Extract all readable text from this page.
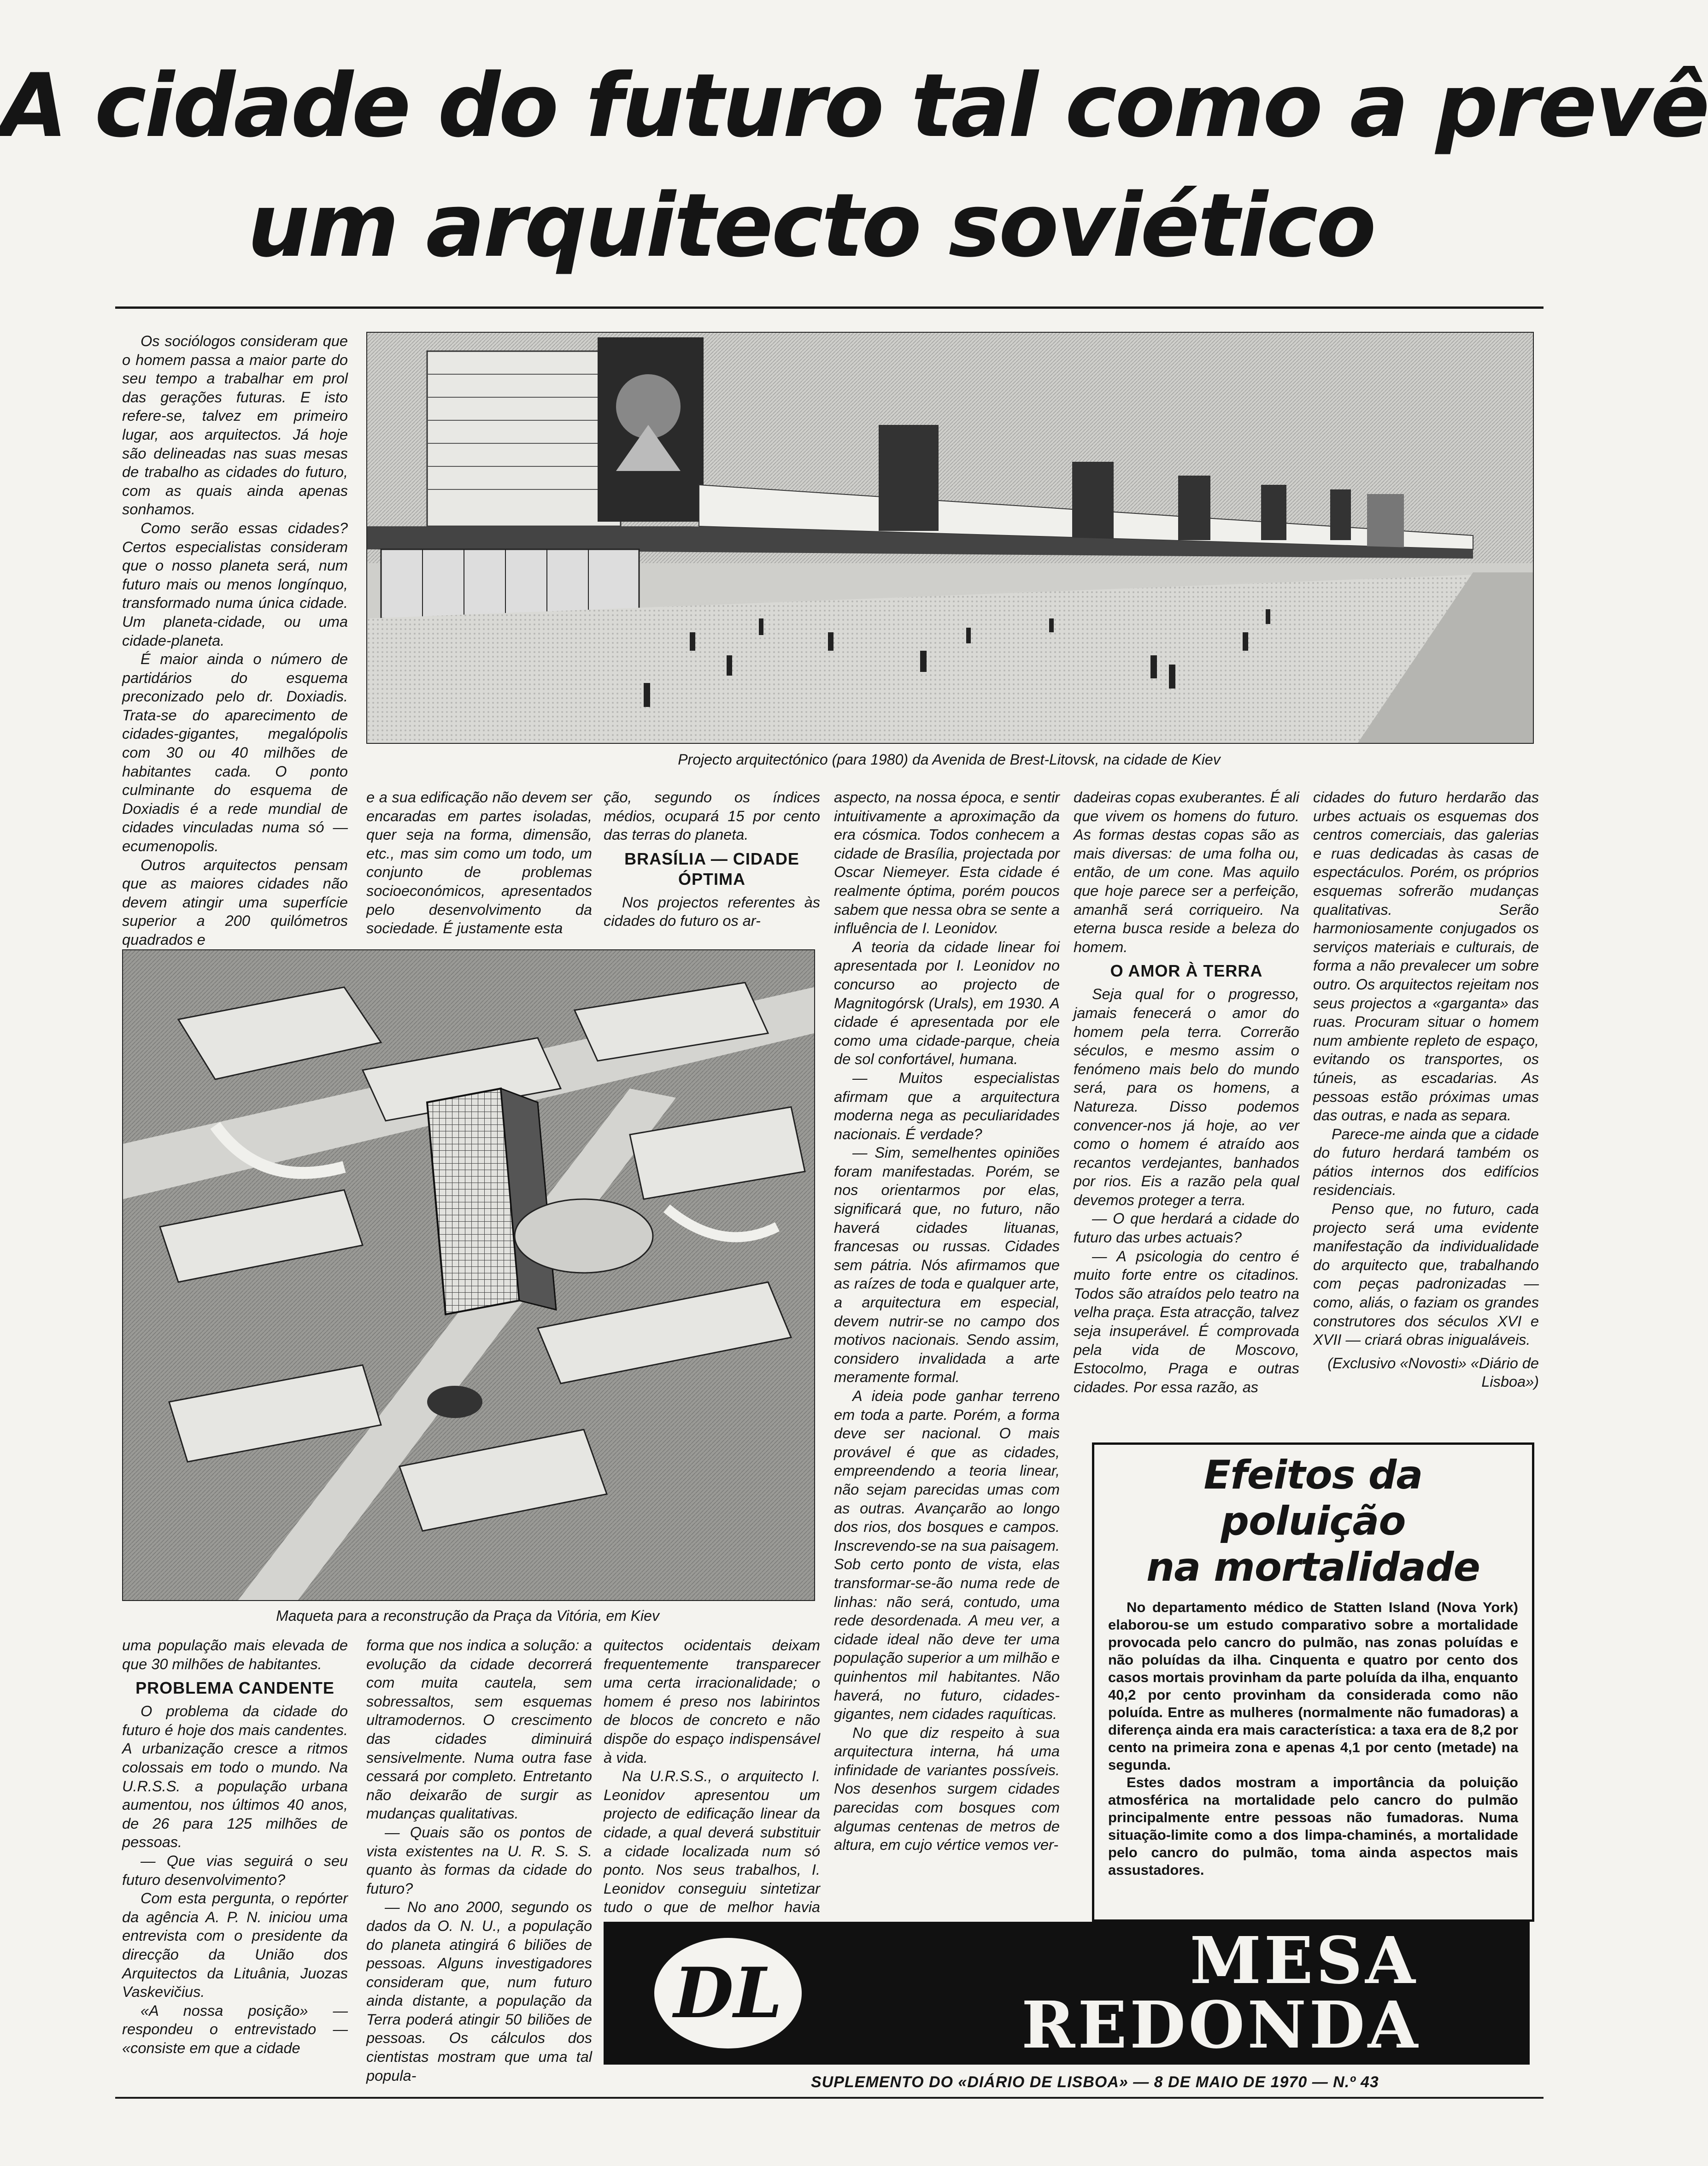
A cidade do futuro tal como a prevê
um arquitecto soviético
Projecto arquitectónico (para 1980) da Avenida de Brest-Litovsk, na cidade de Kiev

Os sociólogos consideram que o homem passa a maior parte do seu tempo a trabalhar em prol das gerações futuras. E isto refere-se, talvez em primeiro lugar, aos arquitectos. Já hoje são delineadas nas suas mesas de trabalho as cidades do futuro, com as quais ainda apenas sonhamos.

Como serão essas cidades? Certos especialistas consideram que o nosso planeta será, num futuro mais ou menos longínquo, transformado numa única cidade. Um planeta-cidade, ou uma cidade-planeta.

É maior ainda o número de partidários do esquema preconizado pelo dr. Doxiadis. Trata-se do aparecimento de cidades-gigantes, megalópolis com 30 ou 40 milhões de habitantes cada. O ponto culminante do esquema de Doxiadis é a rede mundial de cidades vinculadas numa só — ecumenopolis.

Outros arquitectos pensam que as maiores cidades não devem atingir uma superfície superior a 200 quilómetros quadrados e

e a sua edificação não devem ser encaradas em partes isoladas, quer seja na forma, dimensão, etc., mas sim como um todo, um conjunto de problemas socioeconómicos, apresentados pelo desenvolvimento da sociedade. É justamente esta

ção, segundo os índices médios, ocupará 15 por cento das terras do planeta.

BRASÍLIA — CIDADE ÓPTIMA

Nos projectos referentes às cidades do futuro os ar-

aspecto, na nossa época, e sentir intuitivamente a aproximação da era cósmica. Todos conhecem a cidade de Brasília, projectada por Oscar Niemeyer. Esta cidade é realmente óptima, porém poucos sabem que nessa obra se sente a influência de I. Leonidov.

A teoria da cidade linear foi apresentada por I. Leonidov no concurso ao projecto de Magnitogórsk (Urals), em 1930. A cidade é apresentada por ele como uma cidade-parque, cheia de sol confortável, humana.

— Muitos especialistas afirmam que a arquitectura moderna nega as peculiaridades nacionais. É verdade?

— Sim, semelhentes opiniões foram manifestadas. Porém, se nos orientarmos por elas, significará que, no futuro, não haverá cidades lituanas, francesas ou russas. Cidades sem pátria. Nós afirmamos que as raízes de toda e qualquer arte, a arquitectura em especial, devem nutrir-se no campo dos motivos nacionais. Sendo assim, considero invalidada a arte meramente formal.

A ideia pode ganhar terreno em toda a parte. Porém, a forma deve ser nacional. O mais provável é que as cidades, empreendendo a teoria linear, não sejam parecidas umas com as outras. Avançarão ao longo dos rios, dos bosques e campos. Inscrevendo-se na sua paisagem. Sob certo ponto de vista, elas transformar-se-ão numa rede de linhas: não será, contudo, uma rede desordenada. A meu ver, a cidade ideal não deve ter uma população superior a um milhão e quinhentos mil habitantes. Não haverá, no futuro, cidades-gigantes, nem cidades raquíticas.

No que diz respeito à sua arquitectura interna, há uma infinidade de variantes possíveis. Nos desenhos surgem cidades parecidas com bosques com algumas centenas de metros de altura, em cujo vértice vemos ver-

dadeiras copas exuberantes. É ali que vivem os homens do futuro. As formas destas copas são as mais diversas: de uma folha ou, então, de um cone. Mas aquilo que hoje parece ser a perfeição, amanhã será corriqueiro. Na eterna busca reside a beleza do homem.

O AMOR À TERRA

Seja qual for o progresso, jamais fenecerá o amor do homem pela terra. Correrão séculos, e mesmo assim o fenómeno mais belo do mundo será, para os homens, a Natureza. Disso podemos convencer-nos já hoje, ao ver como o homem é atraído aos recantos verdejantes, banhados por rios. Eis a razão pela qual devemos proteger a terra.

— O que herdará a cidade do futuro das urbes actuais?

— A psicologia do centro é muito forte entre os citadinos. Todos são atraídos pelo teatro na velha praça. Esta atracção, talvez seja insuperável. É comprovada pela vida de Moscovo, Estocolmo, Praga e outras cidades. Por essa razão, as

cidades do futuro herdarão das urbes actuais os esquemas dos centros comerciais, das galerias e ruas dedicadas às casas de espectáculos. Porém, os próprios esquemas sofrerão mudanças qualitativas. Serão harmoniosamente conjugados os serviços materiais e culturais, de forma a não prevalecer um sobre outro. Os arquitectos rejeitam nos seus projectos a «garganta» das ruas. Procuram situar o homem num ambiente repleto de espaço, evitando os transportes, os túneis, as escadarias. As pessoas estão próximas umas das outras, e nada as separa.

Parece-me ainda que a cidade do futuro herdará também os pátios internos dos edifícios residenciais.

Penso que, no futuro, cada projecto será uma evidente manifestação da individualidade do arquitecto que, trabalhando com peças padronizadas — como, aliás, o faziam os grandes construtores dos séculos XVI e XVII — criará obras inigualáveis.

(Exclusivo «Novosti» «Diário de Lisboa»)

Maqueta para a reconstrução da Praça da Vitória, em Kiev

uma população mais elevada de que 30 milhões de habitantes.

PROBLEMA CANDENTE

O problema da cidade do futuro é hoje dos mais candentes. A urbanização cresce a ritmos colossais em todo o mundo. Na U.R.S.S. a população urbana aumentou, nos últimos 40 anos, de 26 para 125 milhões de pessoas.

— Que vias seguirá o seu futuro desenvolvimento?

Com esta pergunta, o repórter da agência A. P. N. iniciou uma entrevista com o presidente da direcção da União dos Arquitectos da Lituânia, Juozas Vaskevičius.

«A nossa posição» — respondeu o entrevistado — «consiste em que a cidade

forma que nos indica a solução: a evolução da cidade decorrerá com muita cautela, sem sobressaltos, sem esquemas ultramodernos. O crescimento das cidades diminuirá sensivelmente. Numa outra fase cessará por completo. Entretanto não deixarão de surgir as mudanças qualitativas.

— Quais são os pontos de vista existentes na U. R. S. S. quanto às formas da cidade do futuro?

— No ano 2000, segundo os dados da O. N. U., a população do planeta atingirá 6 biliões de pessoas. Alguns investigadores consideram que, num futuro ainda distante, a população da Terra poderá atingir 50 biliões de pessoas. Os cálculos dos cientistas mostram que uma tal popula-

quitectos ocidentais deixam frequentemente transparecer uma certa irracionalidade; o homem é preso nos labirintos de blocos de concreto e não dispõe do espaço indispensável à vida.

Na U.R.S.S., o arquitecto I. Leonidov apresentou um projecto de edificação linear da cidade, a qual deverá substituir a cidade localizada num só ponto. Nos seus trabalhos, I. Leonidov conseguiu sintetizar tudo o que de melhor havia

Efeitos da poluição
na mortalidade

No departamento médico de Statten Island (Nova York) elaborou-se um estudo comparativo sobre a mortalidade provocada pelo cancro do pulmão, nas zonas poluídas e não poluídas da ilha. Cinquenta e quatro por cento dos casos mortais provinham da parte poluída da ilha, enquanto 40,2 por cento provinham da considerada como não poluída. Entre as mulheres (normalmente não fumadoras) a diferença ainda era mais característica: a taxa era de 8,2 por cento na primeira zona e apenas 4,1 por cento (metade) na segunda.

Estes dados mostram a importância da poluição atmosférica na mortalidade pelo cancro do pulmão principalmente entre pessoas não fumadoras. Numa situação-limite como a dos limpa-chaminés, a mortalidade pelo cancro do pulmão, toma ainda aspectos mais assustadores.

DL	MESA
REDONDA
SUPLEMENTO DO «DIÁRIO DE LISBOA» — 8 DE MAIO DE 1970 — N.º 43
